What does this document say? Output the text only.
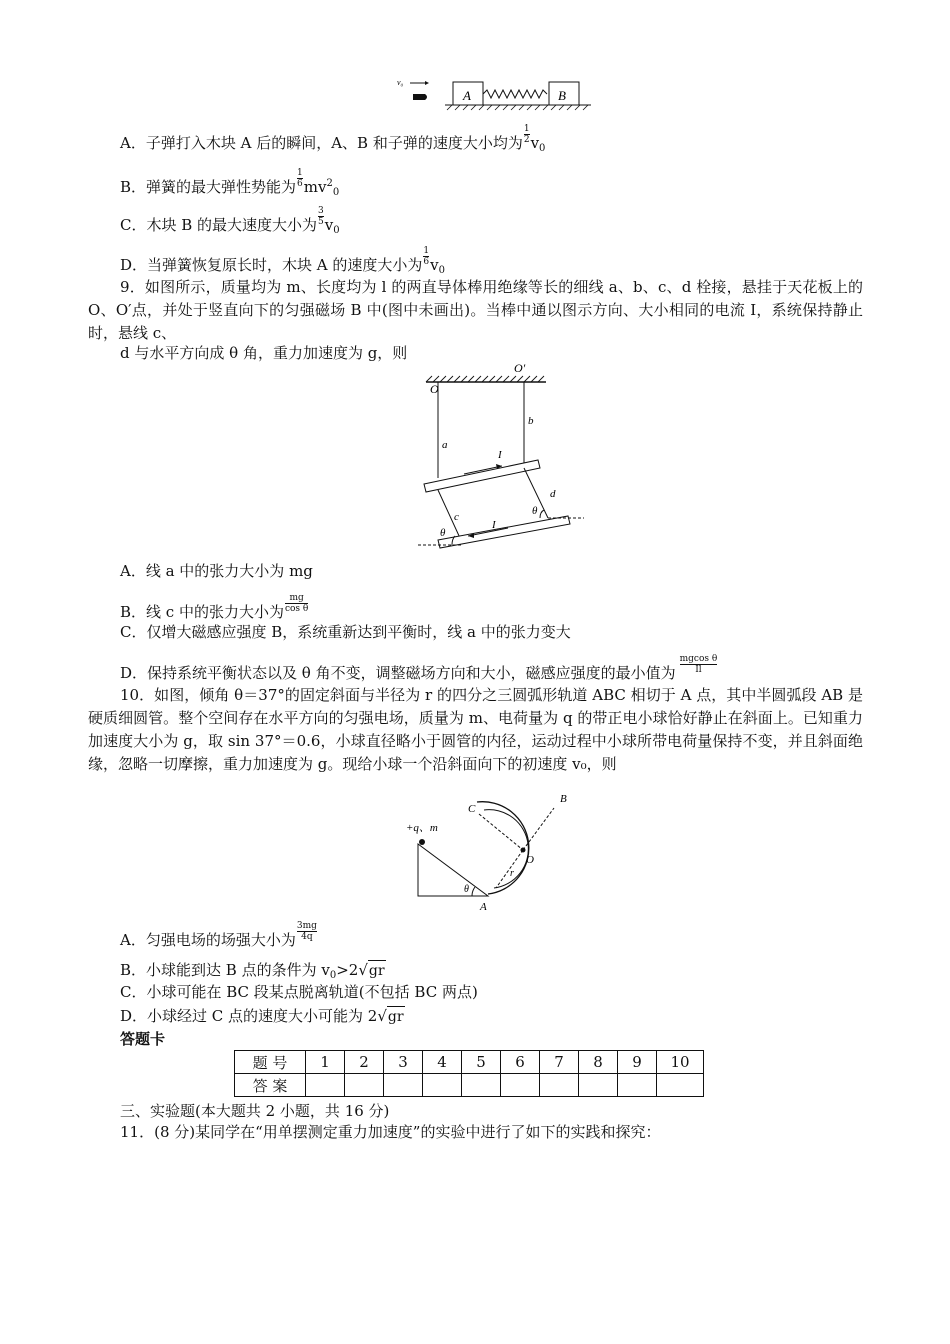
v₀
A	B
A．子弹打入木块 A 后的瞬间，A、B 和子弹的速度大小均为 $\frac{1}{2} v_0$
B．弹簧的最大弹性势能为 $\frac{1}{6} mv^2_0$
C．木块 B 的最大速度大小为 $\frac{3}{5} v_0$
D．当弹簧恢复原长时，木块 A 的速度大小为 $\frac{1}{6} v_0$
9．如图所示，质量均为 m、长度均为 l 的两直导体棒用绝缘等长的细线 a、b、c、d 栓接，悬挂于天花板上的 O、O′点，并处于竖直向下的匀强磁场 B 中(图中未画出)。当棒中通以图示方向、大小相同的电流 I，系统保持静止时，悬线 c、
d 与水平方向成 θ 角，重力加速度为 g，则
O
O′
a
b
I
c
d
I
θ
θ
A．线 a 中的张力大小为 mg
B．线 c 中的张力大小为 $\frac{mg}{\text{cos θ}}$
C．仅增大磁感应强度 B，系统重新达到平衡时，线 a 中的张力变大
D．保持系统平衡状态以及 θ 角不变，调整磁场方向和大小，磁感应强度的最小值为 $\frac{\text{mgcos θ}}{Il}$
10．如图，倾角 θ＝37°的固定斜面与半径为 r 的四分之三圆弧形轨道 ABC 相切于 A 点，其中半圆弧段 AB 是硬质细圆管。整个空间存在水平方向的匀强电场，质量为 m、电荷量为 q 的带正电小球恰好静止在斜面上。已知重力加速度大小为 g，取 sin 37°＝0.6，小球直径略小于圆管的内径，运动过程中小球所带电荷量保持不变，并且斜面绝缘，忽略一切摩擦，重力加速度为 g。现给小球一个沿斜面向下的初速度 v₀，则
+q、m
θ
O
r
C
B
A
A．匀强电场的场强大小为 $\frac{3mg}{4q}$
B．小球能到达 B 点的条件为 $v_0>2√gr$
C．小球可能在 BC 段某点脱离轨道(不包括 BC 两点)
D．小球经过 C 点的速度大小可能为 2√gr
答题卡
题 号	1	2	3	4	5	6	7	8	9	10
答 案										
三、实验题(本大题共 2 小题，共 16 分)
11．(8 分)某同学在“用单摆测定重力加速度”的实验中进行了如下的实践和探究：
